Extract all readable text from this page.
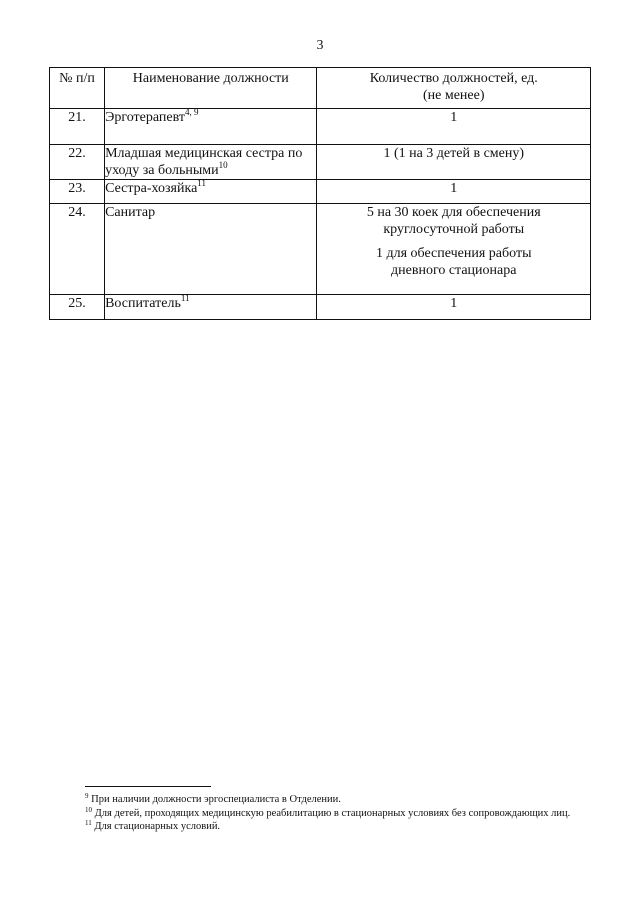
3
№ п/п	Наименование должности	Количество должностей, ед. (не менее)
21.	Эрготерапевт$^{4, 9}$	1

22.	Младшая медицинская сестра по уходу за больными$^{10}$	1 (1 на 3 детей в смену)

23.	Сестра-хозяйка$^{11}$	1

24.	Санитар	5 на 30 коек для обеспечения круглосуточной работы
1 для обеспечения работы дневного стационара

25.	Воспитатель$^{11}$	1
$^9$ При наличии должности эргоспециалиста в Отделении.
$^{10}$ Для детей, проходящих медицинскую реабилитацию в стационарных условиях без сопровождающих лиц.
$^{11}$ Для стационарных условий.
